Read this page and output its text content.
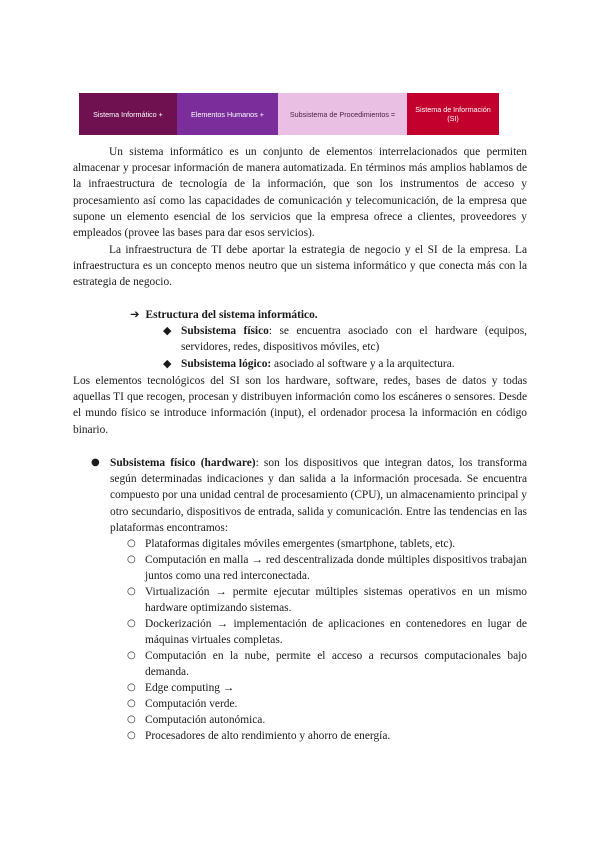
Sistema Informático +	Elementos Humanos +	Subsistema de Procedimientos =	Sistema de Información (SI)

Un sistema informático es un conjunto de elementos interrelacionados que permiten almacenar y procesar información de manera automatizada. En términos más amplios hablamos de la infraestructura de tecnología de la información, que son los instrumentos de acceso y procesamiento así como las capacidades de comunicación y telecomunicación, de la empresa que supone un elemento esencial de los servicios que la empresa ofrece a clientes, proveedores y empleados (provee las bases para dar esos servicios).

La infraestructura de TI debe aportar la estrategia de negocio y el SI de la empresa. La infraestructura es un concepto menos neutro que un sistema informático y que conecta más con la estrategia de negocio.

➔ Estructura del sistema informático.
◆ Subsistema físico: se encuentra asociado con el hardware (equipos, servidores, redes, dispositivos móviles, etc)
◆ Subsistema lógico: asociado al software y a la arquitectura.

Los elementos tecnológicos del SI son los hardware, software, redes, bases de datos y todas aquellas TI que recogen, procesan y distribuyen información como los escáneres o sensores. Desde el mundo físico se introduce información (input), el ordenador procesa la información en código binario.

● Subsistema físico (hardware): son los dispositivos que integran datos, los transforma según determinadas indicaciones y dan salida a la información procesada. Se encuentra compuesto por una unidad central de procesamiento (CPU), un almacenamiento principal y otro secundario, dispositivos de entrada, salida y comunicación. Entre las tendencias en las plataformas encontramos:
○ Plataformas digitales móviles emergentes (smartphone, tablets, etc).
○ Computación en malla → red descentralizada donde múltiples dispositivos trabajan juntos como una red interconectada.
○ Virtualización → permite ejecutar múltiples sistemas operativos en un mismo hardware optimizando sistemas.
○ Dockerización → implementación de aplicaciones en contenedores en lugar de máquinas virtuales completas.
○ Computación en la nube, permite el acceso a recursos computacionales bajo demanda.
○ Edge computing →
○ Computación verde.
○ Computación autonómica.
○ Procesadores de alto rendimiento y ahorro de energía.
